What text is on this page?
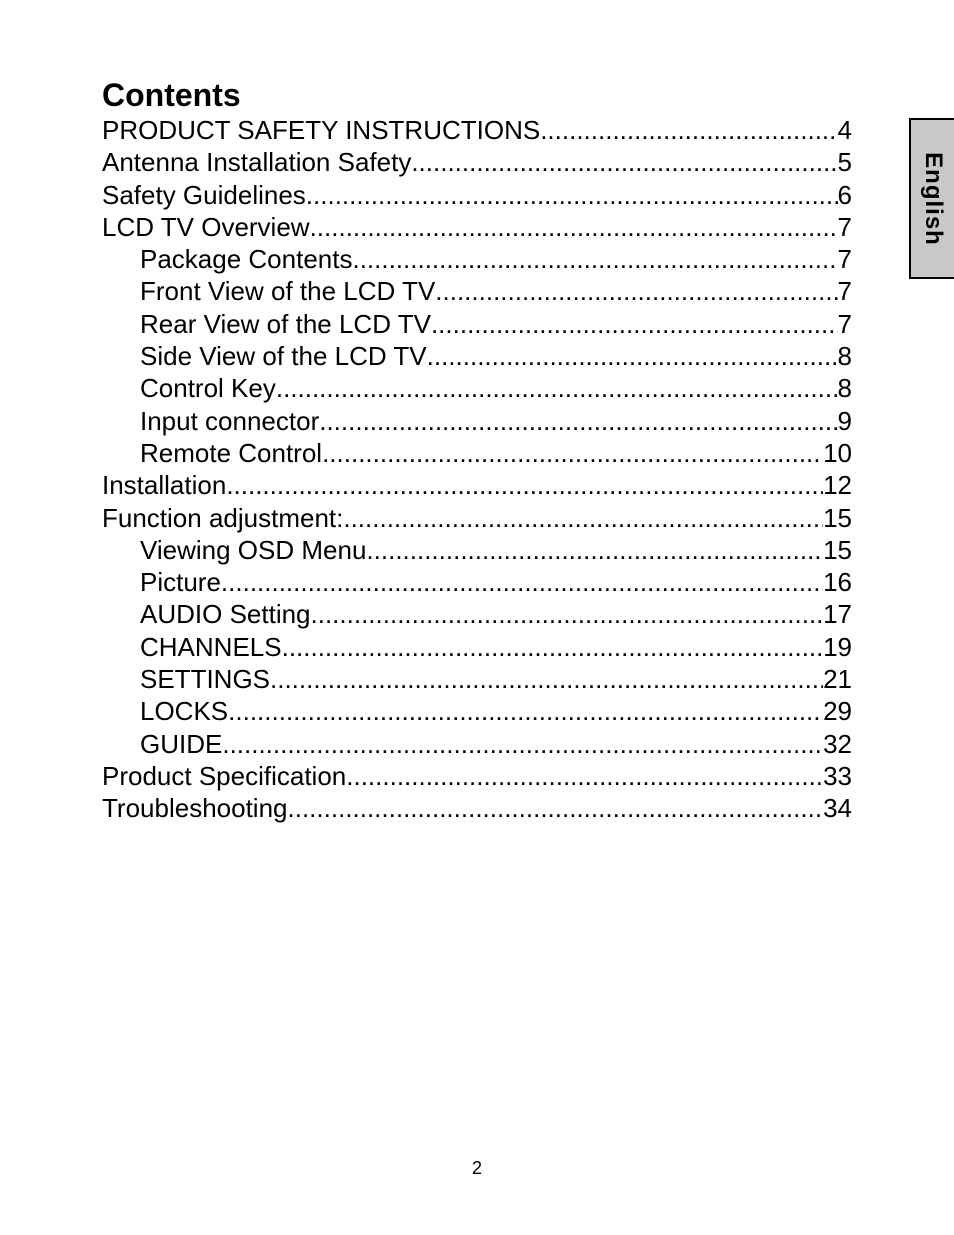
Contents
PRODUCT SAFETY INSTRUCTIONS .....	4
Antenna Installation Safety .....	5
Safety Guidelines .....	6
LCD TV Overview .....	7
Package Contents .....	7
Front View of the LCD TV .....	7
Rear View of the LCD TV .....	7
Side View of the LCD TV .....	8
Control Key .....	8
Input connector .....	9
Remote Control .....	10
Installation .....	12
Function adjustment: .....	15
Viewing OSD Menu .....	15
Picture .....	16
AUDIO Setting .....	17
CHANNELS .....	19
SETTINGS .....	21
LOCKS .....	29
GUIDE .....	32
Product Specification .....	33
Troubleshooting .....	34
English
2
